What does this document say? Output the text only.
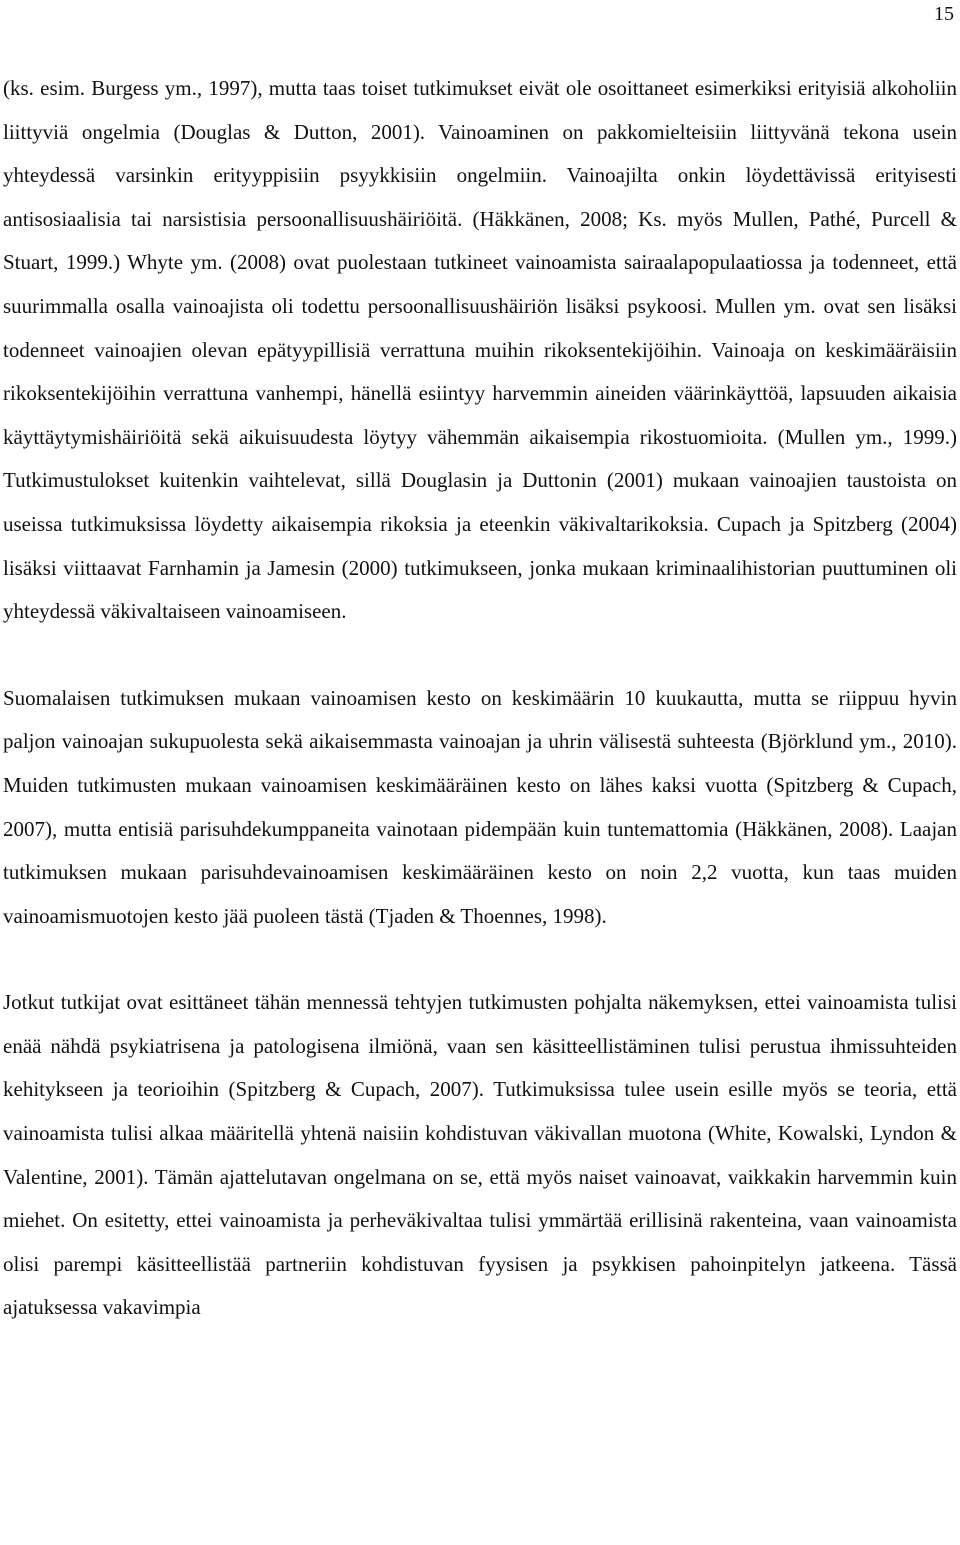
15

(ks. esim. Burgess ym., 1997), mutta taas toiset tutkimukset eivät ole osoittaneet esimerkiksi erityisiä alkoholiin liittyviä ongelmia (Douglas & Dutton, 2001). Vainoaminen on pakkomielteisiin liittyvänä tekona usein yhteydessä varsinkin erityyppisiin psyykkisiin ongelmiin. Vainoajilta onkin löydettävissä erityisesti antisosiaalisia tai narsistisia persoonallisuushäiriöitä. (Häkkänen, 2008; Ks. myös Mullen, Pathé, Purcell & Stuart, 1999.) Whyte ym. (2008) ovat puolestaan tutkineet vainoamista sairaalapopulaatiossa ja todenneet, että suurimmalla osalla vainoajista oli todettu persoonallisuushäiriön lisäksi psykoosi. Mullen ym. ovat sen lisäksi todenneet vainoajien olevan epätyypillisiä verrattuna muihin rikoksentekijöihin. Vainoaja on keskimääräisiin rikoksentekijöihin verrattuna vanhempi, hänellä esiintyy harvemmin aineiden väärinkäyttöä, lapsuuden aikaisia käyttäytymishäiriöitä sekä aikuisuudesta löytyy vähemmän aikaisempia rikostuomioita. (Mullen ym., 1999.) Tutkimustulokset kuitenkin vaihtelevat, sillä Douglasin ja Duttonin (2001) mukaan vainoajien taustoista on useissa tutkimuksissa löydetty aikaisempia rikoksia ja eteenkin väkivaltarikoksia. Cupach ja Spitzberg (2004) lisäksi viittaavat Farnhamin ja Jamesin (2000) tutkimukseen, jonka mukaan kriminaalihistorian puuttuminen oli yhteydessä väkivaltaiseen vainoamiseen.

Suomalaisen tutkimuksen mukaan vainoamisen kesto on keskimäärin 10 kuukautta, mutta se riippuu hyvin paljon vainoajan sukupuolesta sekä aikaisemmasta vainoajan ja uhrin välisestä suhteesta (Björklund ym., 2010). Muiden tutkimusten mukaan vainoamisen keskimääräinen kesto on lähes kaksi vuotta (Spitzberg & Cupach, 2007), mutta entisiä parisuhdekumppaneita vainotaan pidempään kuin tuntemattomia (Häkkänen, 2008). Laajan tutkimuksen mukaan parisuhdevainoamisen keskimääräinen kesto on noin 2,2 vuotta, kun taas muiden vainoamismuotojen kesto jää puoleen tästä (Tjaden & Thoennes, 1998).

Jotkut tutkijat ovat esittäneet tähän mennessä tehtyjen tutkimusten pohjalta näkemyksen, ettei vainoamista tulisi enää nähdä psykiatrisena ja patologisena ilmiönä, vaan sen käsitteellistäminen tulisi perustua ihmissuhteiden kehitykseen ja teorioihin (Spitzberg & Cupach, 2007). Tutkimuksissa tulee usein esille myös se teoria, että vainoamista tulisi alkaa määritellä yhtenä naisiin kohdistuvan väkivallan muotona (White, Kowalski, Lyndon & Valentine, 2001). Tämän ajattelutavan ongelmana on se, että myös naiset vainoavat, vaikkakin harvemmin kuin miehet. On esitetty, ettei vainoamista ja perheväkivaltaa tulisi ymmärtää erillisinä rakenteina, vaan vainoamista olisi parempi käsitteellistää partneriin kohdistuvan fyysisen ja psykkisen pahoinpitelyn jatkeena. Tässä ajatuksessa vakavimpia
